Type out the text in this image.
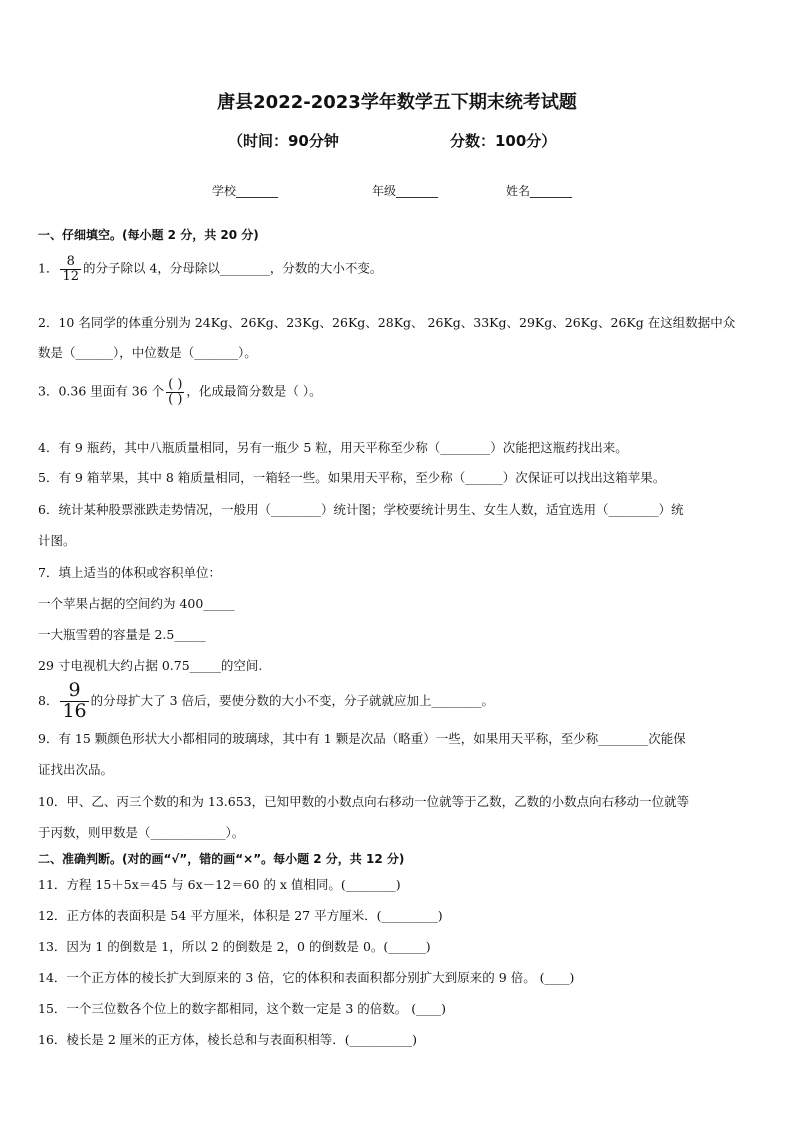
唐县2022-2023学年数学五下期末统考试题
（时间：90分钟	分数：100分）
学校_______	年级_______	姓名_______
一、仔细填空。(每小题 2 分，共 20 分)
1． $\frac{8}{12}$ 的分子除以 4，分母除以________，分数的大小不变。
2．10 名同学的体重分别为 24Kg、26Kg、23Kg、26Kg、28Kg、 26Kg、33Kg、29Kg、26Kg、26Kg 在这组数据中众
数是（______），中位数是（_______）。
3．0.36 里面有 36 个 $\frac{( )}{( )}$ ，化成最简分数是（ ）。
4．有 9 瓶药，其中八瓶质量相同，另有一瓶少 5 粒，用天平称至少称（________）次能把这瓶药找出来。
5．有 9 箱苹果，其中 8 箱质量相同，一箱轻一些。如果用天平称，至少称（______）次保证可以找出这箱苹果。
6．统计某种股票涨跌走势情况，一般用（________）统计图；学校要统计男生、女生人数，适宜选用（________）统
计图。
7．填上适当的体积或容积单位：
一个苹果占据的空间约为 400_____
一大瓶雪碧的容量是 2.5_____
29 寸电视机大约占据 0.75_____的空间.
8． $\frac{9}{16}$ 的分母扩大了 3 倍后，要使分数的大小不变，分子就就应加上________。
9．有 15 颗颜色形状大小都相同的玻璃球，其中有 1 颗是次品（略重）一些，如果用天平称，至少称________次能保
证找出次品。
10．甲、乙、丙三个数的和为 13.653，已知甲数的小数点向右移动一位就等于乙数，乙数的小数点向右移动一位就等
于丙数，则甲数是（____________）。
二、准确判断。(对的画“√”，错的画“×”。每小题 2 分，共 12 分)
11．方程 15＋5x＝45 与 6x－12＝60 的 x 值相同。(________)
12．正方体的表面积是 54 平方厘米，体积是 27 平方厘米．(_________)
13．因为 1 的倒数是 1，所以 2 的倒数是 2，0 的倒数是 0。(______)
14．一个正方体的棱长扩大到原来的 3 倍，它的体积和表面积都分别扩大到原来的 9 倍。 (____)
15．一个三位数各个位上的数字都相同，这个数一定是 3 的倍数。 (____)
16．棱长是 2 厘米的正方体，棱长总和与表面积相等．(__________)
